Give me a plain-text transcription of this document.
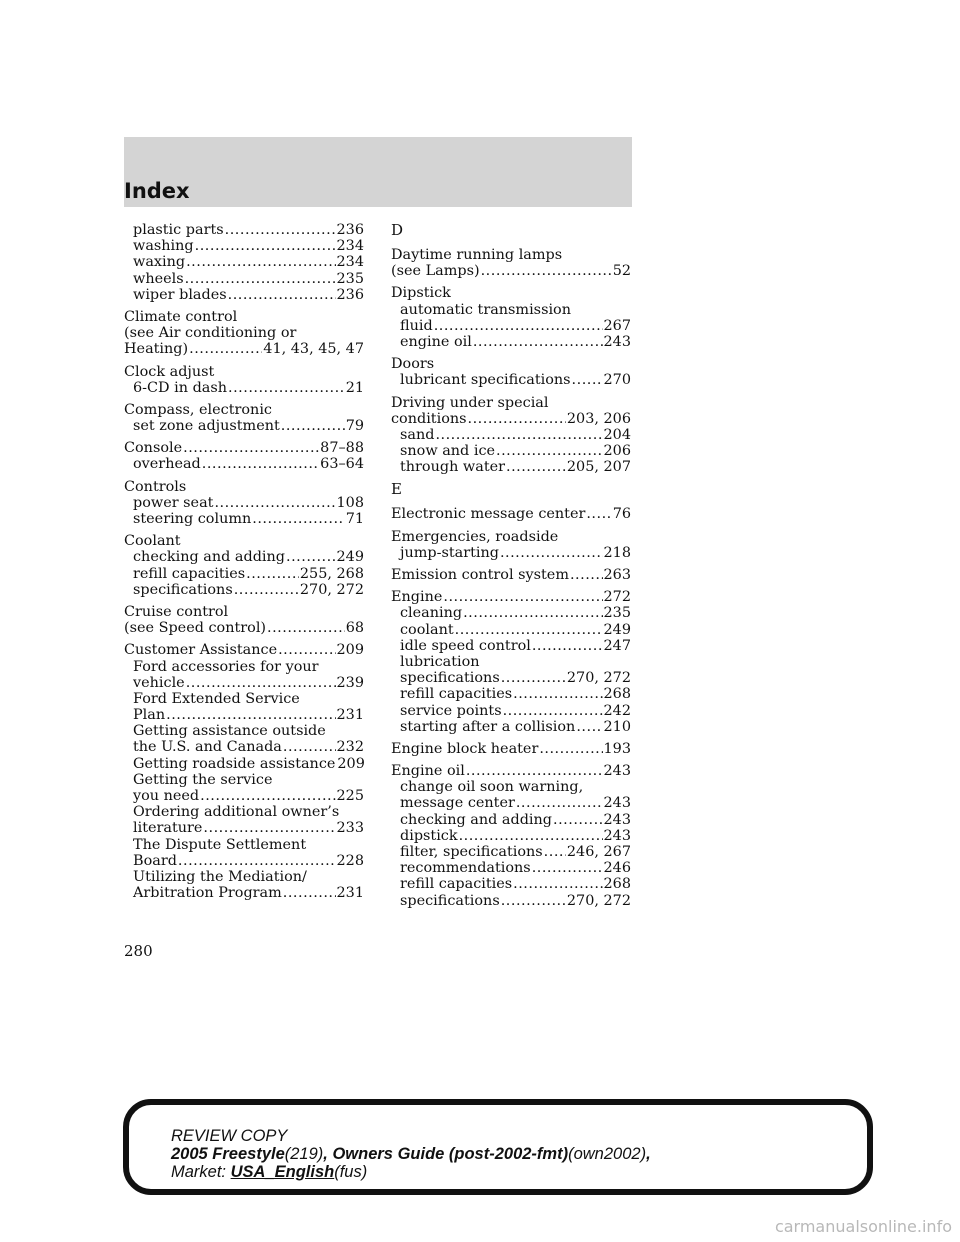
Index
plastic parts .....	236
washing .....	234
waxing .....	234
wheels .....	235
wiper blades .....	236
Climate control
(see Air conditioning or
Heating) .....	41, 43, 45, 47
Clock adjust
6-CD in dash .....	21
Compass, electronic
set zone adjustment .....	79
Console .....	87–88
overhead .....	63–64
Controls
power seat .....	108
steering column .....	71
Coolant
checking and adding .....	249
refill capacities .....	255, 268
specifications .....	270, 272
Cruise control
(see Speed control) .....	68
Customer Assistance .....	209
Ford accessories for your
vehicle .....	239
Ford Extended Service
Plan .....	231
Getting assistance outside
the U.S. and Canada .....	232
Getting roadside assistance 209
Getting the service
you need .....	225
Ordering additional owner’s
literature .....	233
The Dispute Settlement
Board .....	228
Utilizing the Mediation/
Arbitration Program .....	231
D
Daytime running lamps
(see Lamps) .....	52
Dipstick
automatic transmission
fluid .....	267
engine oil .....	243
Doors
lubricant specifications ..... 270
Driving under special
conditions .....	203, 206
sand .....	204
snow and ice .....	206
through water .....	205, 207
E
Electronic message center ..... 76
Emergencies, roadside
jump-starting .....	218
Emission control system ..... 263
Engine .....	272
cleaning .....	235
coolant .....	249
idle speed control .....	247
lubrication
specifications .....	270, 272
refill capacities .....	268
service points .....	242
starting after a collision ..... 210
Engine block heater .....	193
Engine oil .....	243
change oil soon warning,
message center .....	243
checking and adding .....	243
dipstick .....	243
filter, specifications ..... 246, 267
recommendations .....	246
refill capacities .....	268
specifications .....	270, 272
280
REVIEW COPY
2005 Freestyle(219), Owners Guide (post-2002-fmt)(own2002),
Market: USA_English(fus)
carmanualsonline.info
